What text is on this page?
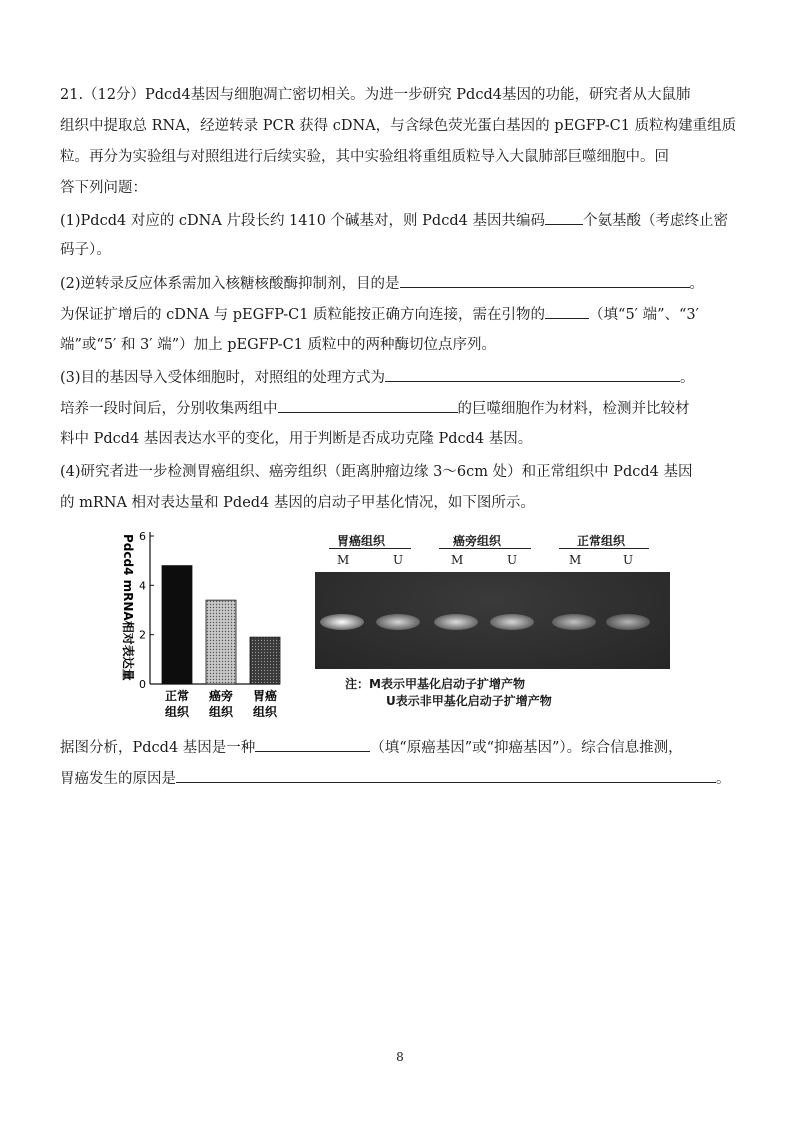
21.（12分）Pdcd4基因与细胞凋亡密切相关。为进一步研究 Pdcd4基因的功能，研究者从大鼠肺
组织中提取总 RNA，经逆转录 PCR 获得 cDNA，与含绿色荧光蛋白基因的 pEGFP-C1 质粒构建重组质
粒。再分为实验组与对照组进行后续实验，其中实验组将重组质粒导入大鼠肺部巨噬细胞中。回
答下列问题：
(1)Pdcd4 对应的 cDNA 片段长约 1410 个碱基对，则 Pdcd4 基因共编码	个氨基酸（考虑终止密
码子）。
(2)逆转录反应体系需加入核糖核酸酶抑制剂，目的是	。
为保证扩增后的 cDNA 与 pEGFP-C1 质粒能按正确方向连接，需在引物的	（填“5′ 端”、“3′
端”或“5′ 和 3′ 端”）加上 pEGFP-C1 质粒中的两种酶切位点序列。
(3)目的基因导入受体细胞时，对照组的处理方式为	。
培养一段时间后，分别收集两组中	的巨噬细胞作为材料，检测并比较材
料中 Pdcd4 基因表达水平的变化，用于判断是否成功克隆 Pdcd4 基因。
(4)研究者进一步检测胃癌组织、癌旁组织（距离肿瘤边缘 3～6cm 处）和正常组织中 Pdcd4 基因
的 mRNA 相对表达量和 Pded4 基因的启动子甲基化情况，如下图所示。
Pdcd4 mRNA相对表达量
0
2
4
6
正常
组织
癌旁
组织
胃癌
组织
胃癌组织	癌旁组织	正常组织
M	U	M	U	M	U
注：M表示甲基化启动子扩增产物
U表示非甲基化启动子扩增产物
据图分析，Pdcd4 基因是一种	（填“原癌基因”或“抑癌基因”）。综合信息推测，
胃癌发生的原因是	。
8
